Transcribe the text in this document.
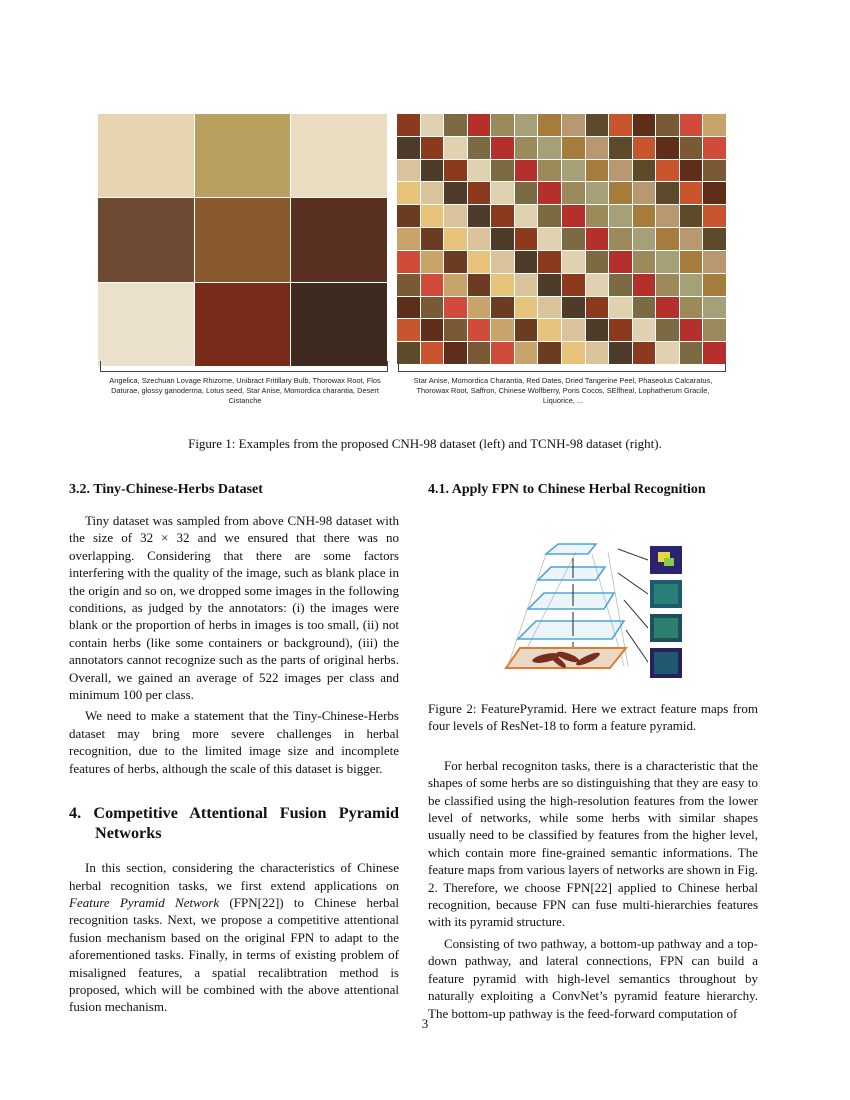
Angelica, Szechuan Lovage Rhizome, Unibract Fritillary Bulb, Thorowax Root, Flos Daturae, glossy ganoderma, Lotus seed, Star Anise, Momordica charantia, Desert Cistanche
Star Anise, Momordica Charantia, Red Dates, Dried Tangerine Peel, Phaseolus Calcaratus, Thorowax Root, Saffron, Chinese Wolfberry, Poris Cocos, SElfheal, Lophatherum Gracile, Liquorice, ...
Figure 1: Examples from the proposed CNH-98 dataset (left) and TCNH-98 dataset (right).
3.2. Tiny-Chinese-Herbs Dataset

Tiny dataset was sampled from above CNH-98 dataset with the size of 32 × 32 and we ensured that there was no overlapping. Considering that there are some factors interfering with the quality of the image, such as blank place in the origin and so on, we dropped some images in the following conditions, as judged by the annotators: (i) the images were blank or the proportion of herbs in images is too small, (ii) not contain herbs (like some containers or background), (iii) the annotators cannot recognize such as the parts of original herbs. Overall, we gained an average of 522 images per class and minimum 100 per class.

We need to make a statement that the Tiny-Chinese-Herbs dataset may bring more severe challenges in herbal recognition, due to the limited image size and incomplete features of herbs, although the scale of this dataset is bigger.

4. Competitive Attentional Fusion Pyramid Networks

In this section, considering the characteristics of Chinese herbal recognition tasks, we first extend applications on Feature Pyramid Network (FPN[22]) to Chinese herbal recognition tasks. Next, we propose a competitive attentional fusion mechanism based on the original FPN to adapt to the aforementioned tasks. Finally, in terms of existing problem of misaligned features, a spatial recalibtration method is proposed, which will be combined with the above attentional fusion mechanism.

4.1. Apply FPN to Chinese Herbal Recognition

Figure 2: FeaturePyramid. Here we extract feature maps from four levels of ResNet-18 to form a feature pyramid.

For herbal recogniton tasks, there is a characteristic that the shapes of some herbs are so distinguishing that they are easy to be classified using the high-resolution features from the lower level of networks, while some herbs with similar shapes usually need to be classified by features from the higher level, which contain more fine-grained semantic informations. The feature maps from various layers of networks are shown in Fig. 2. Therefore, we choose FPN[22] applied to Chinese herbal recognition, because FPN can fuse multi-hierarchies features with its pyramid structure.

Consisting of two pathway, a bottom-up pathway and a top-down pathway, and lateral connections, FPN can build a feature pyramid with high-level semantics throughout by naturally exploiting a ConvNet’s pyramid feature hierarchy. The bottom-up pathway is the feed-forward computation of

3
